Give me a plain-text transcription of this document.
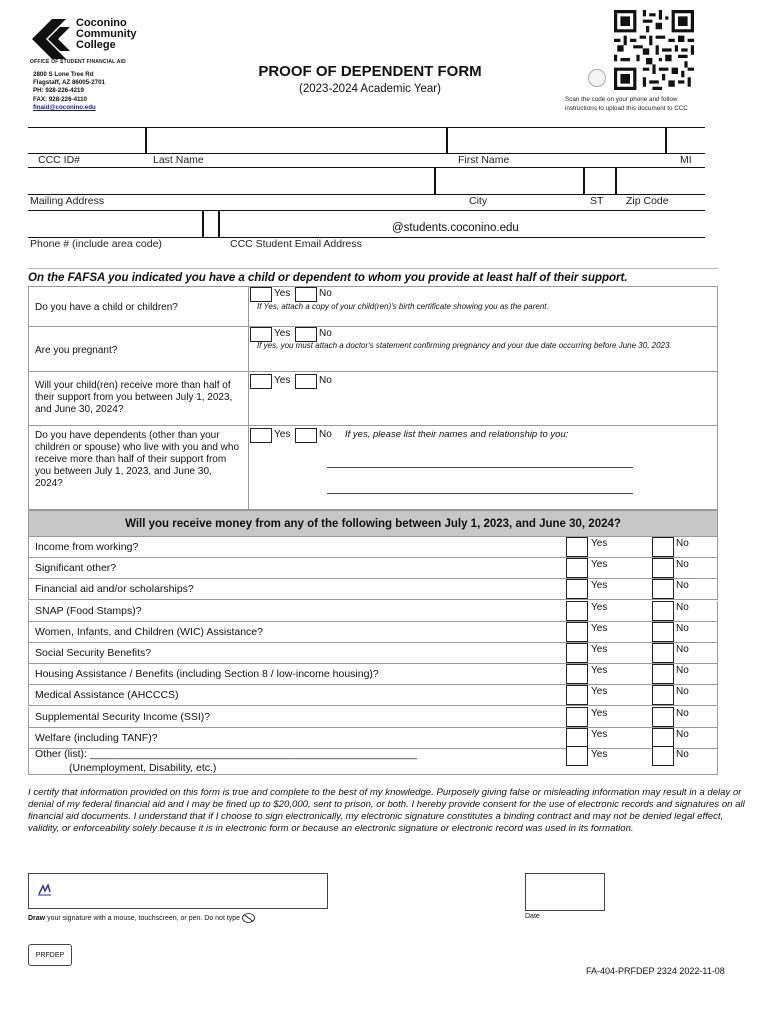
Coconino
Community
College
OFFICE OF STUDENT FINANCIAL AID
2800 S Lone Tree Rd
Flagstaff, AZ 86005-2701
PH: 928-226-4219
FAX: 928-226-4110
finaid@coconino.edu
PROOF OF DEPENDENT FORM
(2023-2024 Academic Year)
Scan the code on your phone and follow instructions to upload this document to CCC
CCC ID#	Last Name	First Name	MI
Mailing Address	City	ST Zip Code
@students.coconino.edu
Phone # (include area code)	CCC Student Email Address
On the FAFSA you indicated you have a child or dependent to whom you provide at least half of their support.
Do you have a child or children?
Yes	No
If Yes, attach a copy of your child(ren)'s birth certificate showing you as the parent.
Are you pregnant?
Yes	No
If yes, you must attach a doctor's statement confirming pregnancy and your due date occurring before June 30, 2023.
Will your child(ren) receive more than half of their support from you between July 1, 2023, and June 30, 2024?
Yes	No
Do you have dependents (other than your children or spouse) who live with you and who receive more than half of their support from you between July 1, 2023, and June 30, 2024?
Yes	No If yes, please list their names and relationship to you:
Will you receive money from any of the following between July 1, 2023, and June 30, 2024?
Income from working?	Yes	No
Significant other?	Yes	No
Financial aid and/or scholarships?	Yes	No
SNAP (Food Stamps)?	Yes	No
Women, Infants, and Children (WIC) Assistance?	Yes	No
Social Security Benefits?	Yes	No
Housing Assistance / Benefits (including Section 8 / low-income housing)?	Yes	No
Medical Assistance (AHCCCS)	Yes	No
Supplemental Security Income (SSI)?	Yes	No
Welfare (including TANF)?	Yes	No
Other (list): ________________________________________________________
(Unemployment, Disability, etc.)
Yes	No
I certify that information provided on this form is true and complete to the best of my knowledge. Purposely giving false or misleading information may result in a delay or denial of my federal financial aid and I may be fined up to $20,000, sent to prison, or both. I hereby provide consent for the use of electronic records and signatures on all financial aid documents. I understand that if I choose to sign electronically, my electronic signature constitutes a binding contract and may not be denied legal effect, validity, or enforceability solely because it is in electronic form or because an electronic signature or electronic record was used in its formation.
Draw your signature with a mouse, touchscreen, or pen. Do not type	Date
PRFDEP
FA-404-PRFDEP 2324 2022-11-08
